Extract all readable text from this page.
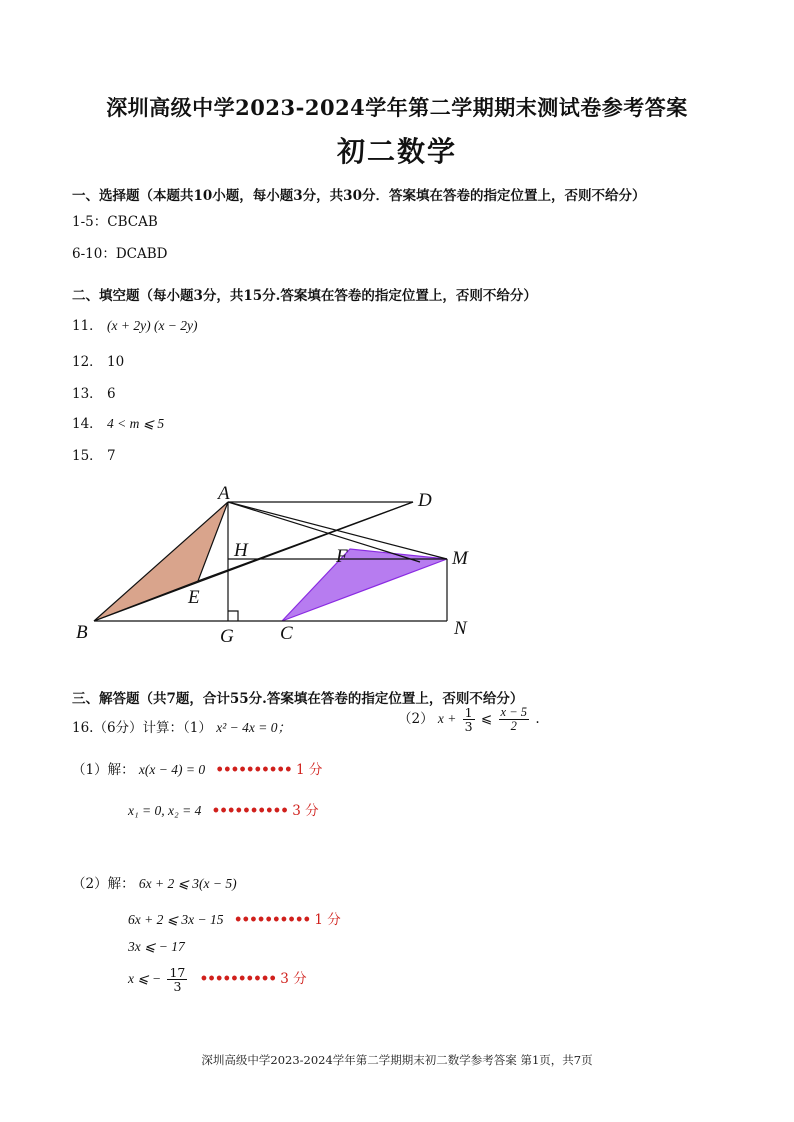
深圳高级中学2023-2024学年第二学期期末测试卷参考答案
初二数学
一、选择题（本题共10小题，每小题3分，共30分．答案填在答卷的指定位置上，否则不给分）
1-5：CBCAB
6-10：DCABD
二、填空题（每小题3分，共15分.答案填在答卷的指定位置上，否则不给分）
11． (x + 2y) (x − 2y)
12． 10
13． 6
14． 4 < m ⩽ 5
15． 7
A	D
H	F	M
E
B	G C	N
三、解答题（共7题，合计55分.答案填在答卷的指定位置上，否则不给分）
16.（6分）计算：（1） x² − 4x = 0；
（2） $x + \frac{1}{3}$ ⩽ $\frac{x - 5}{2}$ .
（1）解： x(x − 4) = 0 •••••••••• 1 分
x₁ = 0, x₂ = 4 •••••••••• 3 分
（2）解： 6x + 2 ⩽ 3(x − 5)
6x + 2 ⩽ 3x − 15 •••••••••• 1 分
3x ⩽ − 17
x ⩽ − $\frac{17}{3}$ •••••••••• 3 分
深圳高级中学2023-2024学年第二学期期末初二数学参考答案 第1页，共7页
